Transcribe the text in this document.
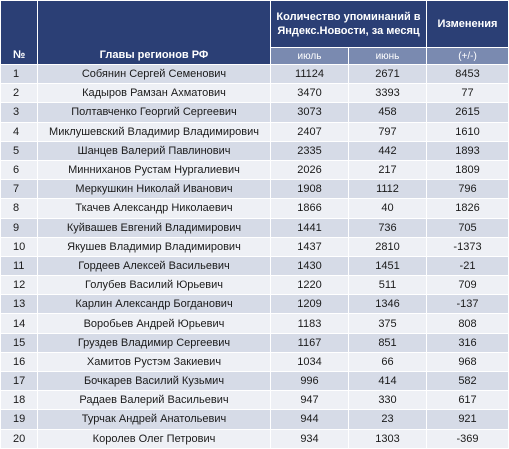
№	Главы регионов РФ	Количество упоминаний в
Яндекс.Новости, за месяц		Изменения
		июль	июнь	(+/-)
1	Собянин Сергей Семенович	11124	2671	8453
2	Кадыров Рамзан Ахматович	3470	3393	77
3	Полтавченко Георгий Сергеевич	3073	458	2615
4	Миклушевский Владимир Владимирович	2407	797	1610
5	Шанцев Валерий Павлинович	2335	442	1893
6	Минниханов Рустам Нургалиевич	2026	217	1809
7	Меркушкин Николай Иванович	1908	1112	796
8	Ткачев Александр Николаевич	1866	40	1826
9	Куйвашев Евгений Владимирович	1441	736	705
10	Якушев Владимир Владимирович	1437	2810	-1373
11	Гордеев Алексей Васильевич	1430	1451	-21
12	Голубев Василий Юрьевич	1220	511	709
13	Карлин Александр Богданович	1209	1346	-137
14	Воробьев Андрей Юрьевич	1183	375	808
15	Груздев Владимир Сергеевич	1167	851	316
16	Хамитов Рустэм Закиевич	1034	66	968
17	Бочкарев Василий Кузьмич	996	414	582
18	Радаев Валерий Васильевич	947	330	617
19	Турчак Андрей Анатольевич	944	23	921
20	Королев Олег Петрович	934	1303	-369
